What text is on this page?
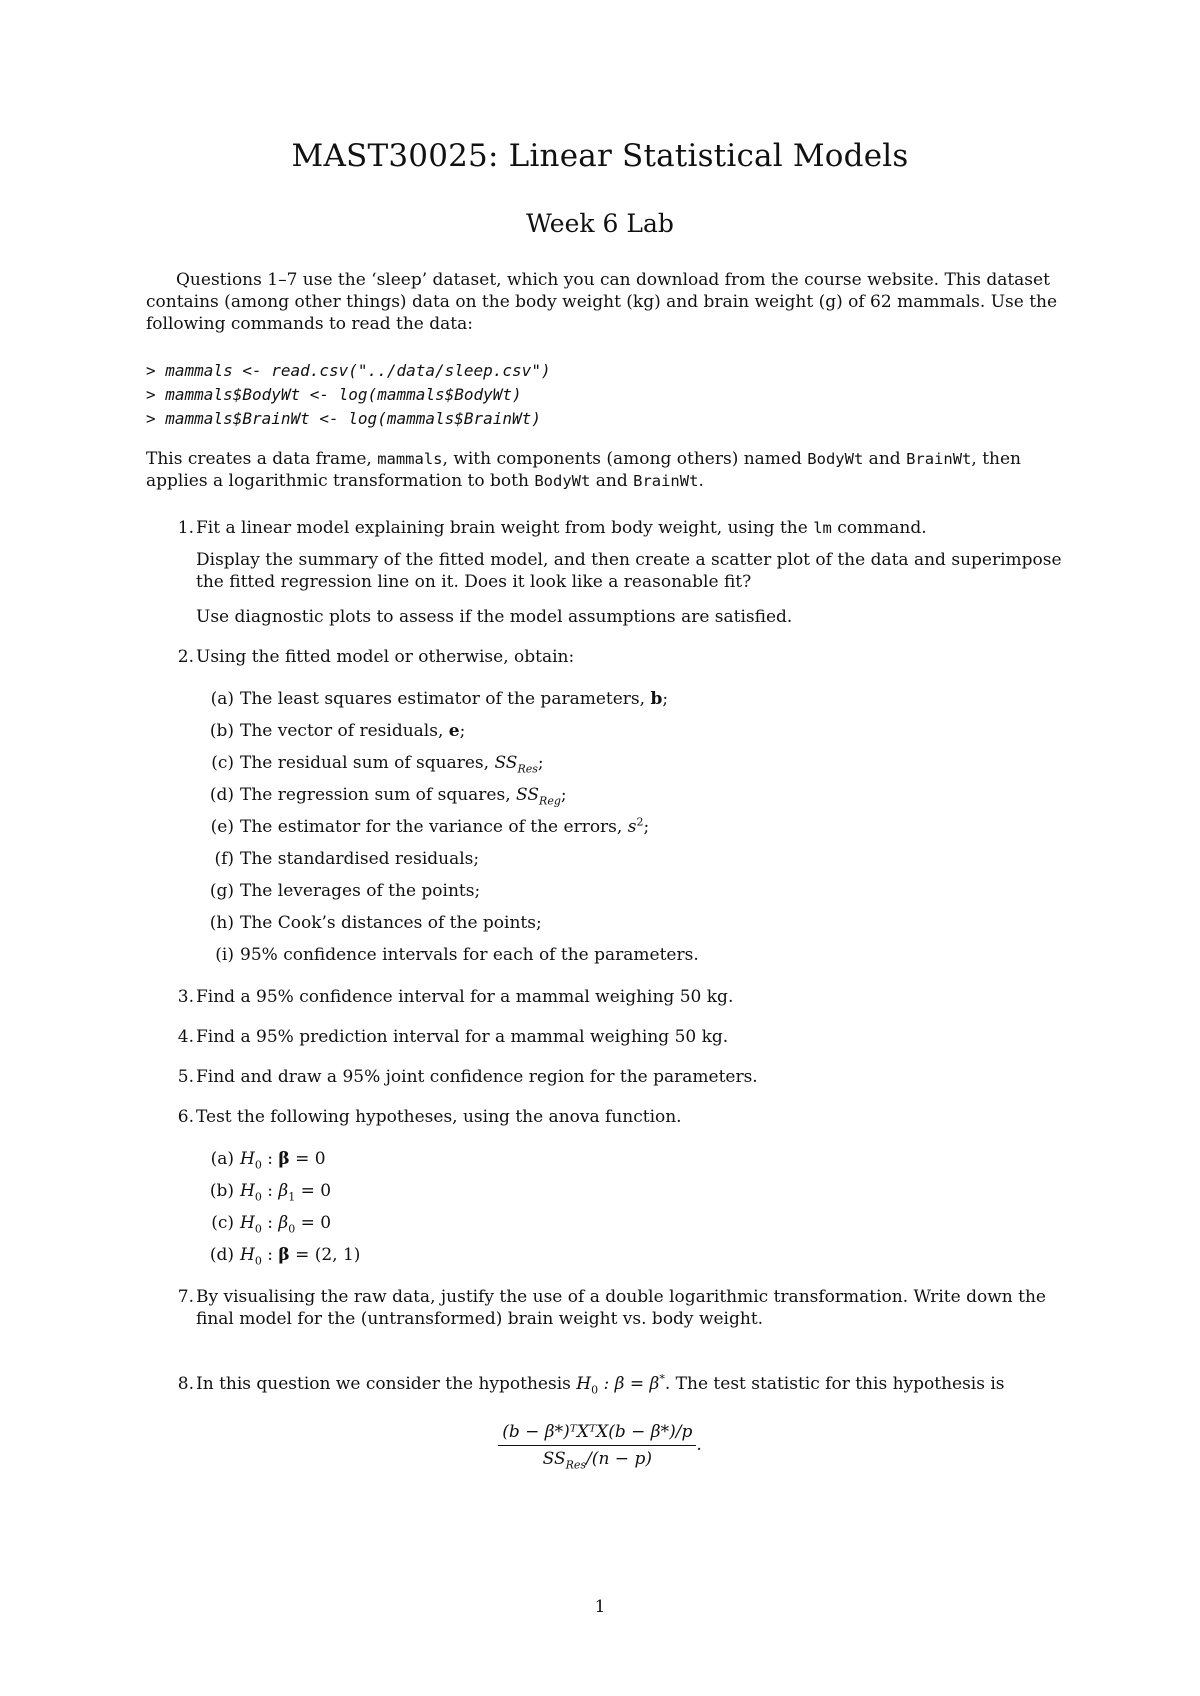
MAST30025: Linear Statistical Models
Week 6 Lab
Questions 1–7 use the ‘sleep’ dataset, which you can download from the course website. This dataset contains (among other things) data on the body weight (kg) and brain weight (g) of 62 mammals. Use the following commands to read the data:
> mammals <- read.csv("../data/sleep.csv")
> mammals$BodyWt <- log(mammals$BodyWt)
> mammals$BrainWt <- log(mammals$BrainWt)
This creates a data frame, mammals, with components (among others) named BodyWt and BrainWt, then applies a logarithmic transformation to both BodyWt and BrainWt.
1. Fit a linear model explaining brain weight from body weight, using the lm command.
Display the summary of the fitted model, and then create a scatter plot of the data and superimpose the fitted regression line on it. Does it look like a reasonable fit?
Use diagnostic plots to assess if the model assumptions are satisfied.
2. Using the fitted model or otherwise, obtain:
(a) The least squares estimator of the parameters, b;
(b) The vector of residuals, e;
(c) The residual sum of squares, $SS_{Res}$;
(d) The regression sum of squares, $SS_{Reg}$;
(e) The estimator for the variance of the errors, $s^2$;
(f) The standardised residuals;
(g) The leverages of the points;
(h) The Cook’s distances of the points;
(i) 95% confidence intervals for each of the parameters.
3. Find a 95% confidence interval for a mammal weighing 50 kg.
4. Find a 95% prediction interval for a mammal weighing 50 kg.
5. Find and draw a 95% joint confidence region for the parameters.
6. Test the following hypotheses, using the anova function.
(a) $H_0$ : β = 0
(b) $H_0$ : $\beta_1 = 0$
(c) $H_0$ : $\beta_0 = 0$
(d) $H_0$ : β = (2, 1)
7. By visualising the raw data, justify the use of a double logarithmic transformation. Write down the final model for the (untransformed) brain weight vs. body weight.
8. In this question we consider the hypothesis $H_0$ : β = β*. The test statistic for this hypothesis is
$\frac{\text{(b − β*)ᵀXᵀX(b − β*)/p}}{SS_{Res}/(n - p)}$ .
1
